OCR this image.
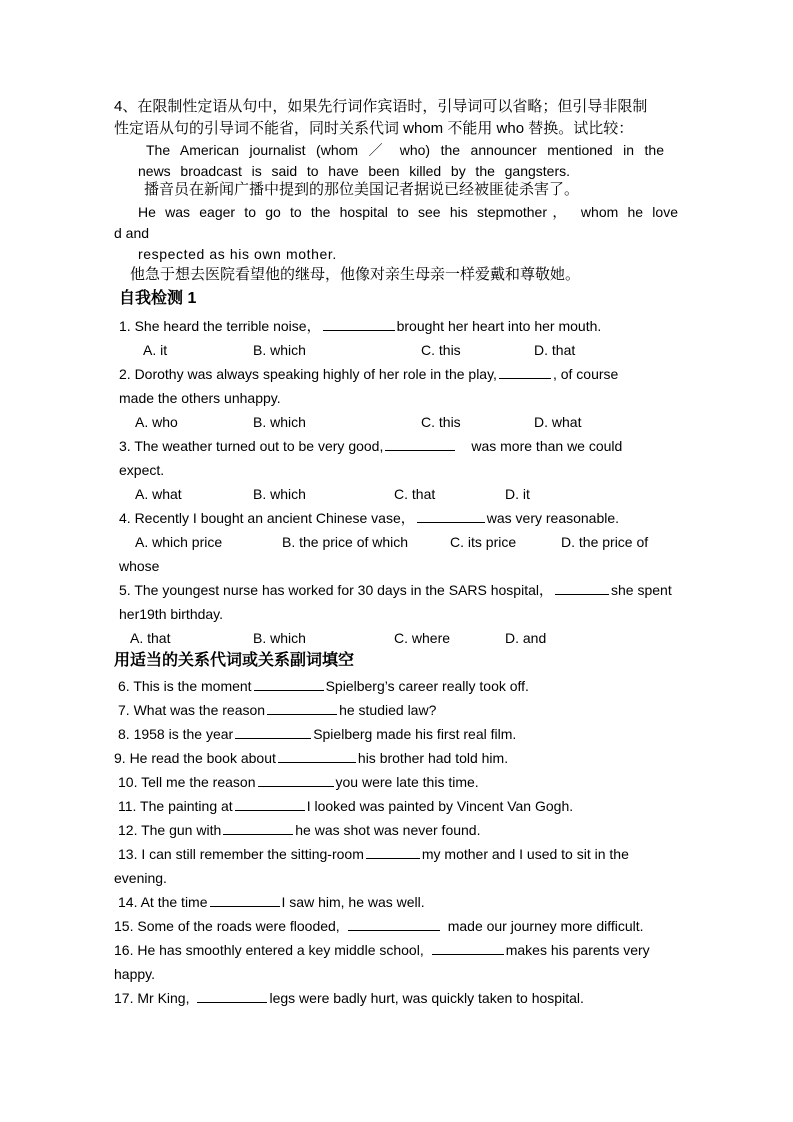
4、在限制性定语从句中，如果先行词作宾语时，引导词可以省略；但引导非限制
性定语从句的引导词不能省，同时关系代词 whom 不能用 who 替换。试比较：
The American journalist (whom ／ who) the announcer mentioned in the
news broadcast is said to have been killed by the gangsters.
播音员在新闻广播中提到的那位美国记者据说已经被匪徒杀害了。
He was eager to go to the hospital to see his stepmother， whom he love
d and
respected as his own mother.
他急于想去医院看望他的继母，他像对亲生母亲一样爱戴和尊敬她。
自我检测 1
1. She heard the terrible noise，	brought her heart into her mouth.
A. it	B. which	C. this	D. that
2. Dorothy was always speaking highly of her role in the play,	, of course
made the others unhappy.
A. who	B. which	C. this	D. what
3. The weather turned out to be very good,	was more than we could
expect.
A. what	B. which	C. that	D. it
4. Recently I bought an ancient Chinese vase，	was very reasonable.
A. which price	B. the price of which	C. its price	D. the price of
whose
5. The youngest nurse has worked for 30 days in the SARS hospital，	she spent
her19th birthday.
A. that	B. which	C. where	D. and
用适当的关系代词或关系副词填空
6. This is the moment	Spielberg’s career really took off.
7. What was the reason	he studied law?
8. 1958 is the year	Spielberg made his first real film.
9. He read the book about	his brother had told him.
10. Tell me the reason	you were late this time.
11. The painting at	I looked was painted by Vincent Van Gogh.
12. The gun with	he was shot was never found.
13. I can still remember the sitting-room	my mother and I used to sit in the
evening.
14. At the time	I saw him, he was well.
15. Some of the roads were flooded,	made our journey more difficult.
16. He has smoothly entered a key middle school,	makes his parents very
happy.
17. Mr King,	legs were badly hurt, was quickly taken to hospital.
